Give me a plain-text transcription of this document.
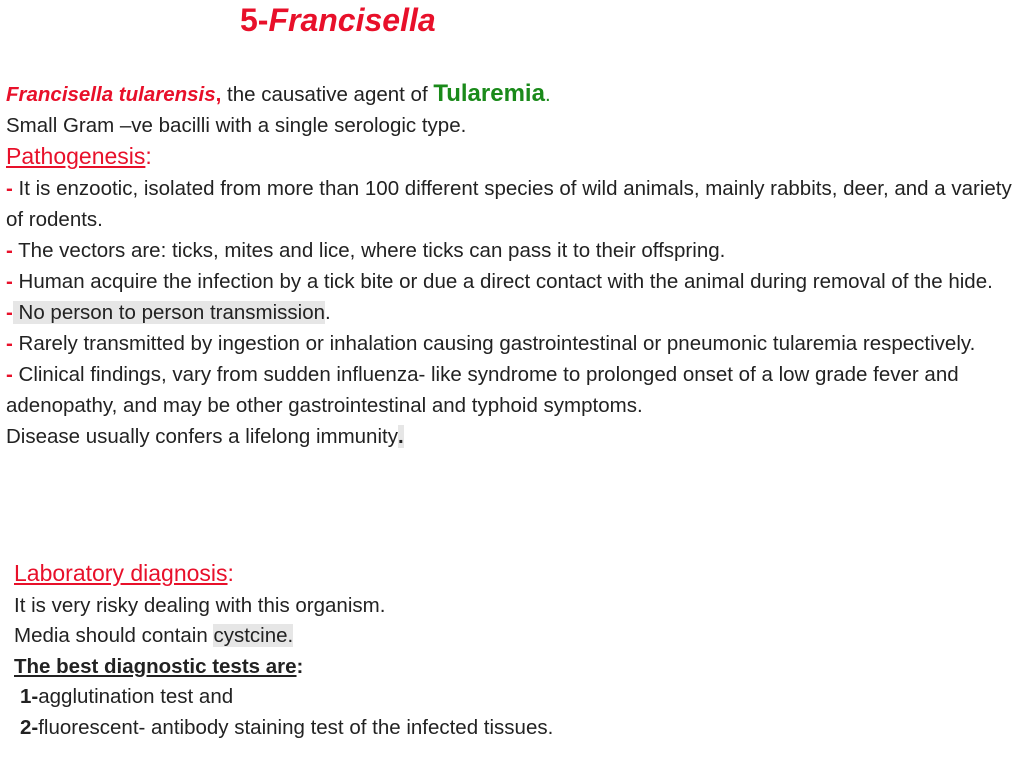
5-Francisella

Francisella tularensis, the causative agent of Tularemia.

Small Gram –ve bacilli with a single serologic type.

Pathogenesis:

- It is enzootic, isolated from more than 100 different species of wild animals, mainly rabbits, deer, and a variety of rodents.

- The vectors are: ticks, mites and lice, where ticks can pass it to their offspring.

- Human acquire the infection by a tick bite or due a direct contact with the animal during removal of the hide.

- No person to person transmission.

- Rarely transmitted by ingestion or inhalation causing gastrointestinal or pneumonic tularemia respectively.

- Clinical findings, vary from sudden influenza- like syndrome to prolonged onset of a low grade fever and adenopathy, and may be other gastrointestinal and typhoid symptoms.

Disease usually confers a lifelong immunity.

Laboratory diagnosis:

It is very risky dealing with this organism.

Media should contain cystcine.

The best diagnostic tests are:

1-agglutination test and

2-fluorescent- antibody staining test of the infected tissues.
